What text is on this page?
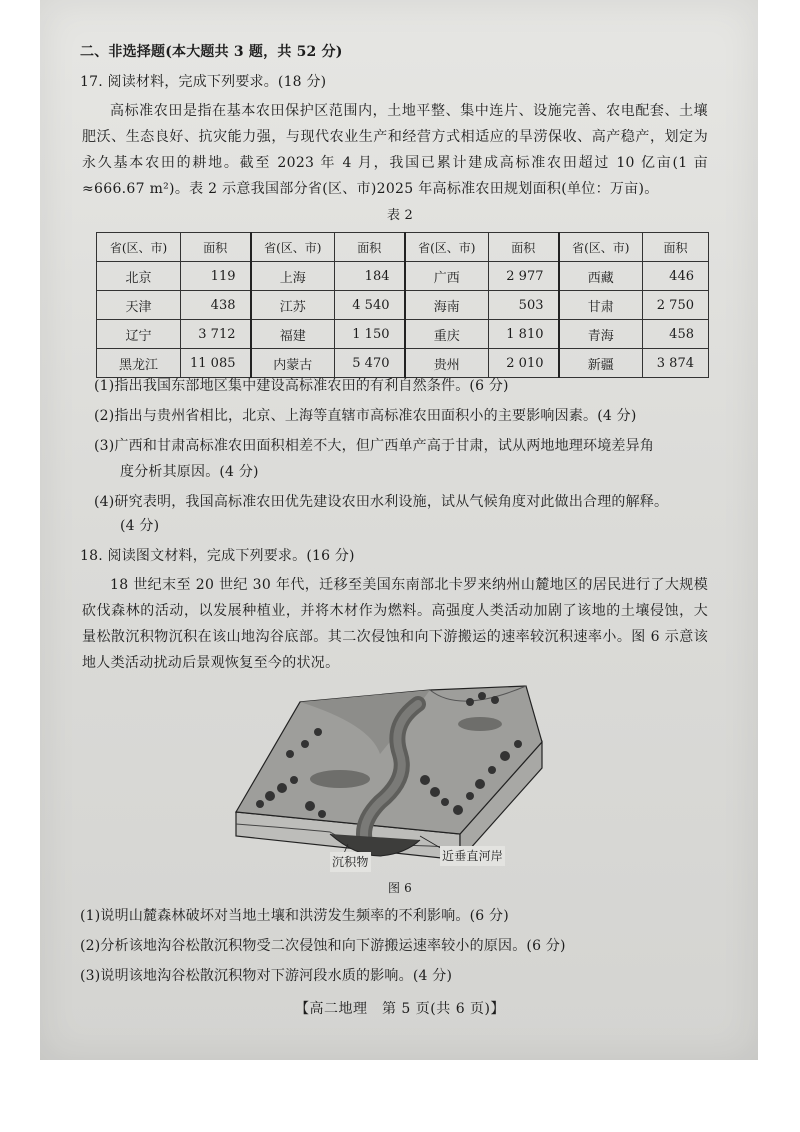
二、非选择题(本大题共 3 题，共 52 分)
17. 阅读材料，完成下列要求。(18 分)
高标准农田是指在基本农田保护区范围内，土地平整、集中连片、设施完善、农电配套、土壤肥沃、生态良好、抗灾能力强，与现代农业生产和经营方式相适应的旱涝保收、高产稳产，划定为永久基本农田的耕地。截至 2023 年 4 月，我国已累计建成高标准农田超过 10 亿亩(1 亩≈666.67 m²)。表 2 示意我国部分省(区、市)2025 年高标准农田规划面积(单位：万亩)。
表 2
省(区、市)	面积	省(区、市)	面积	省(区、市)	面积	省(区、市)	面积
北京	119	上海	184	广西	2 977	西藏	446
天津	438	江苏	4 540	海南	503	甘肃	2 750
辽宁	3 712	福建	1 150	重庆	1 810	青海	458
黑龙江	11 085	内蒙古	5 470	贵州	2 010	新疆	3 874
(1)指出我国东部地区集中建设高标准农田的有利自然条件。(6 分)
(2)指出与贵州省相比，北京、上海等直辖市高标准农田面积小的主要影响因素。(4 分)
(3)广西和甘肃高标准农田面积相差不大，但广西单产高于甘肃，试从两地地理环境差异角
度分析其原因。(4 分)
(4)研究表明，我国高标准农田优先建设农田水利设施，试从气候角度对此做出合理的解释。
(4 分)
18. 阅读图文材料，完成下列要求。(16 分)
18 世纪末至 20 世纪 30 年代，迁移至美国东南部北卡罗来纳州山麓地区的居民进行了大规模砍伐森林的活动，以发展种植业，并将木材作为燃料。高强度人类活动加剧了该地的土壤侵蚀，大量松散沉积物沉积在该山地沟谷底部。其二次侵蚀和向下游搬运的速率较沉积速率小。图 6 示意该地人类活动扰动后景观恢复至今的状况。
沉积物	近垂直河岸
图 6
(1)说明山麓森林破坏对当地土壤和洪涝发生频率的不利影响。(6 分)
(2)分析该地沟谷松散沉积物受二次侵蚀和向下游搬运速率较小的原因。(6 分)
(3)说明该地沟谷松散沉积物对下游河段水质的影响。(4 分)
【高二地理　第 5 页(共 6 页)】
